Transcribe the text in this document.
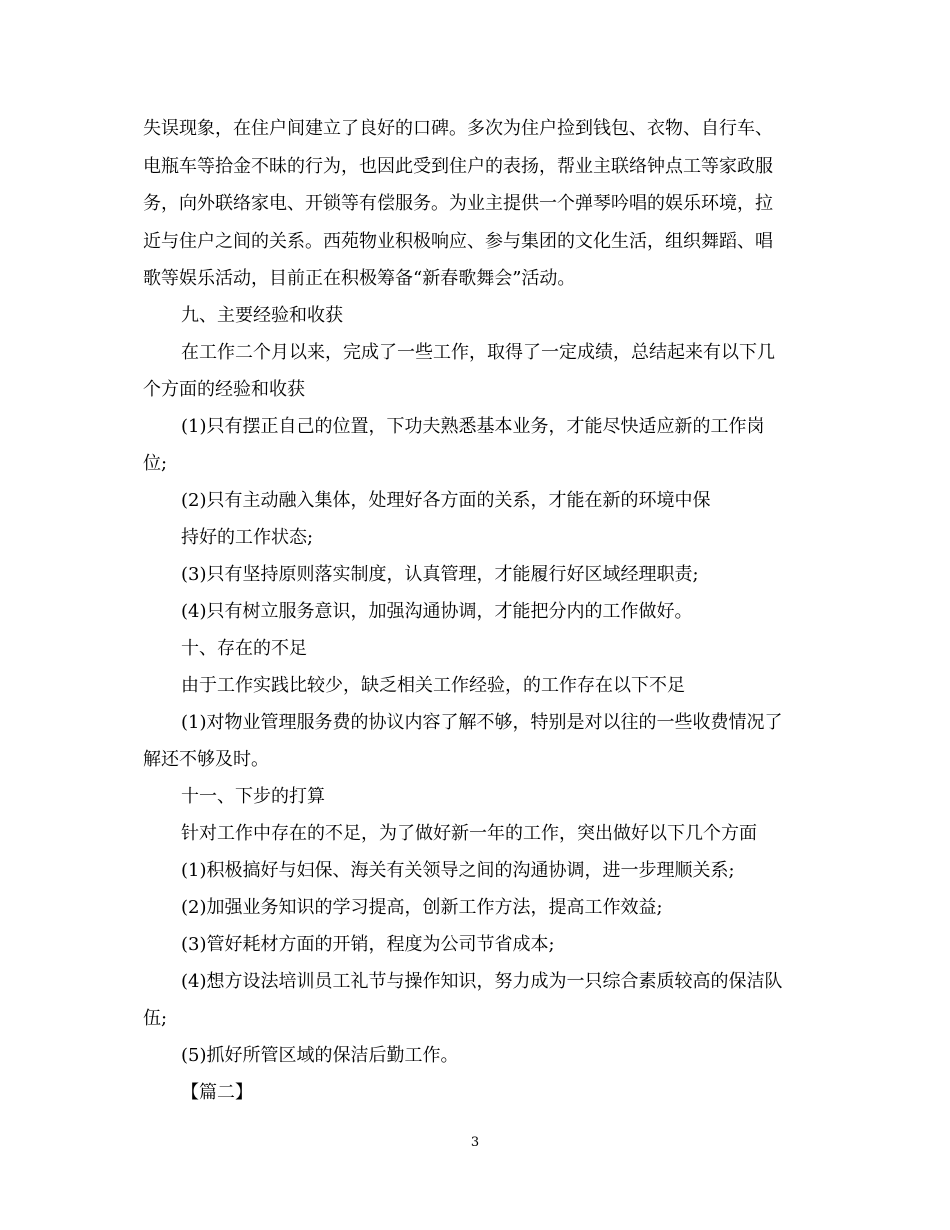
失误现象，在住户间建立了良好的口碑。多次为住户捡到钱包、衣物、自行车、
电瓶车等拾金不昧的行为，也因此受到住户的表扬，帮业主联络钟点工等家政服
务，向外联络家电、开锁等有偿服务。为业主提供一个弹琴吟唱的娱乐环境，拉
近与住户之间的关系。西苑物业积极响应、参与集团的文化生活，组织舞蹈、唱
歌等娱乐活动，目前正在积极筹备“新春歌舞会”活动。
九、主要经验和收获
在工作二个月以来，完成了一些工作，取得了一定成绩，总结起来有以下几
个方面的经验和收获
(1)只有摆正自己的位置，下功夫熟悉基本业务，才能尽快适应新的工作岗
位;
(2)只有主动融入集体，处理好各方面的关系，才能在新的环境中保
持好的工作状态;
(3)只有坚持原则落实制度，认真管理，才能履行好区域经理职责;
(4)只有树立服务意识，加强沟通协调，才能把分内的工作做好。
十、存在的不足
由于工作实践比较少，缺乏相关工作经验，的工作存在以下不足
(1)对物业管理服务费的协议内容了解不够，特别是对以往的一些收费情况了
解还不够及时。
十一、下步的打算
针对工作中存在的不足，为了做好新一年的工作，突出做好以下几个方面
(1)积极搞好与妇保、海关有关领导之间的沟通协调，进一步理顺关系;
(2)加强业务知识的学习提高，创新工作方法，提高工作效益;
(3)管好耗材方面的开销，程度为公司节省成本;
(4)想方设法培训员工礼节与操作知识，努力成为一只综合素质较高的保洁队
伍;
(5)抓好所管区域的保洁后勤工作。
【篇二】
3
